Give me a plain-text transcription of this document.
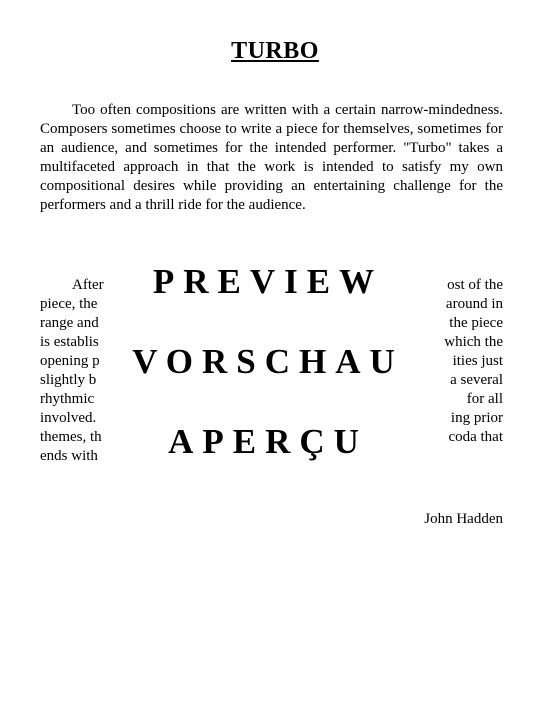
TURBO

Too often compositions are written with a certain narrow-mindedness. Composers sometimes choose to write a piece for themselves, sometimes for an audience, and sometimes for the intended performer. "Turbo" takes a multifaceted approach in that the work is intended to satisfy my own compositional desires while providing an entertaining challenge for the performers and a thrill ride for the audience.

After	ost of the
piece, the	around in
range and	the piece
is establis	which the
opening p	ities just
slightly b	a several
rhythmic	for all
involved.	ing prior
themes, th	coda that
ends with
PREVIEW
VORSCHAU
APERÇU
John Hadden
